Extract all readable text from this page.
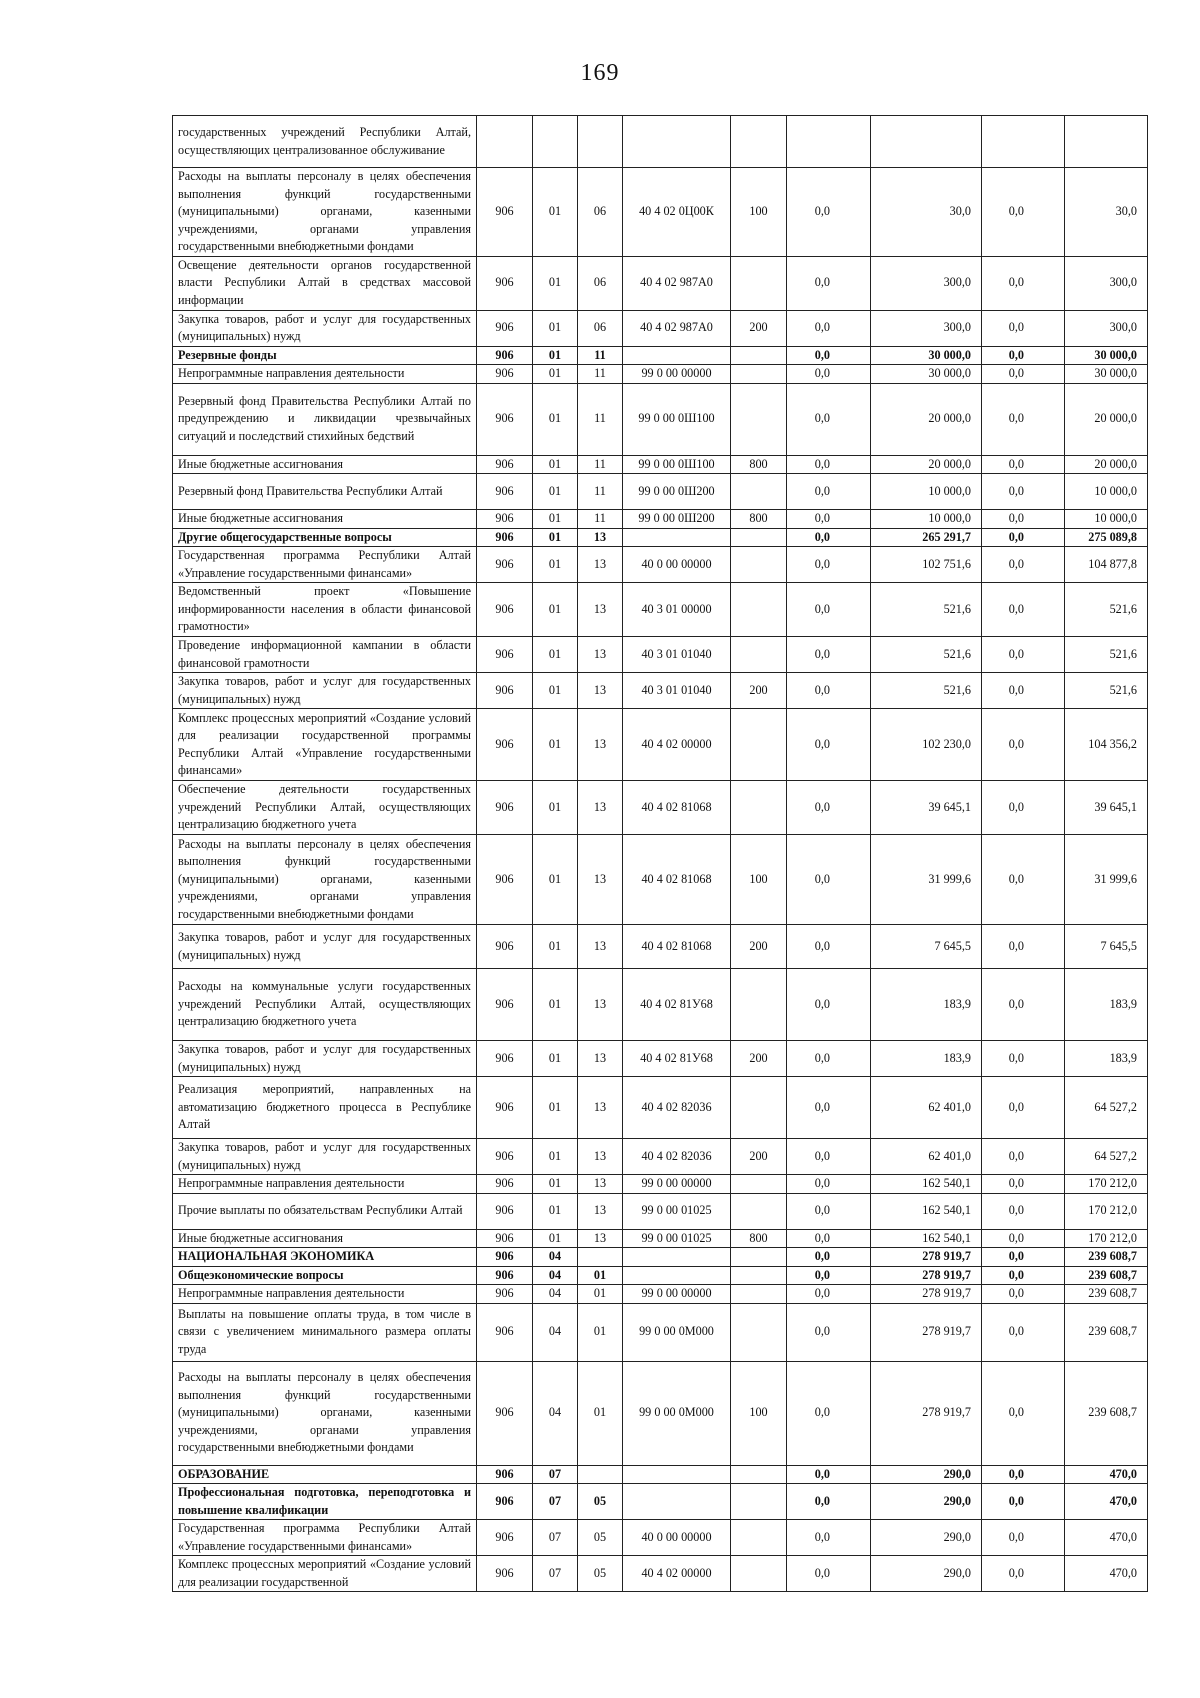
169
государственных учреждений Республики Алтай, осуществляющих централизованное обслуживание									
Расходы на выплаты персоналу в целях обеспечения выполнения функций государственными (муниципальными) органами, казенными учреждениями, органами управления государственными внебюджетными фондами	906	01	06	40 4 02 0Ц00К	100	0,0	30,0	0,0	30,0
Освещение деятельности органов государственной власти Республики Алтай в средствах массовой информации	906	01	06	40 4 02 987А0		0,0	300,0	0,0	300,0
Закупка товаров, работ и услуг для государственных (муниципальных) нужд	906	01	06	40 4 02 987А0	200	0,0	300,0	0,0	300,0
Резервные фонды	906	01	11			0,0	30 000,0	0,0	30 000,0
Непрограммные направления деятельности	906	01	11	99 0 00 00000		0,0	30 000,0	0,0	30 000,0
Резервный фонд Правительства Республики Алтай по предупреждению и ликвидации чрезвычайных ситуаций и последствий стихийных бедствий	906	01	11	99 0 00 0Ш100		0,0	20 000,0	0,0	20 000,0
Иные бюджетные ассигнования	906	01	11	99 0 00 0Ш100	800	0,0	20 000,0	0,0	20 000,0
Резервный фонд Правительства Республики Алтай	906	01	11	99 0 00 0Ш200		0,0	10 000,0	0,0	10 000,0
Иные бюджетные ассигнования	906	01	11	99 0 00 0Ш200	800	0,0	10 000,0	0,0	10 000,0
Другие общегосударственные вопросы	906	01	13			0,0	265 291,7	0,0	275 089,8
Государственная программа Республики Алтай «Управление государственными финансами»	906	01	13	40 0 00 00000		0,0	102 751,6	0,0	104 877,8
Ведомственный проект «Повышение информированности населения в области финансовой грамотности»	906	01	13	40 3 01 00000		0,0	521,6	0,0	521,6
Проведение информационной кампании в области финансовой грамотности	906	01	13	40 3 01 01040		0,0	521,6	0,0	521,6
Закупка товаров, работ и услуг для государственных (муниципальных) нужд	906	01	13	40 3 01 01040	200	0,0	521,6	0,0	521,6
Комплекс процессных мероприятий «Создание условий для реализации государственной программы Республики Алтай «Управление государственными финансами»	906	01	13	40 4 02 00000		0,0	102 230,0	0,0	104 356,2
Обеспечение деятельности государственных учреждений Республики Алтай, осуществляющих централизацию бюджетного учета	906	01	13	40 4 02 81068		0,0	39 645,1	0,0	39 645,1
Расходы на выплаты персоналу в целях обеспечения выполнения функций государственными (муниципальными) органами, казенными учреждениями, органами управления государственными внебюджетными фондами	906	01	13	40 4 02 81068	100	0,0	31 999,6	0,0	31 999,6
Закупка товаров, работ и услуг для государственных (муниципальных) нужд	906	01	13	40 4 02 81068	200	0,0	7 645,5	0,0	7 645,5
Расходы на коммунальные услуги государственных учреждений Республики Алтай, осуществляющих централизацию бюджетного учета	906	01	13	40 4 02 81У68		0,0	183,9	0,0	183,9
Закупка товаров, работ и услуг для государственных (муниципальных) нужд	906	01	13	40 4 02 81У68	200	0,0	183,9	0,0	183,9
Реализация мероприятий, направленных на автоматизацию бюджетного процесса в Республике Алтай	906	01	13	40 4 02 82036		0,0	62 401,0	0,0	64 527,2
Закупка товаров, работ и услуг для государственных (муниципальных) нужд	906	01	13	40 4 02 82036	200	0,0	62 401,0	0,0	64 527,2
Непрограммные направления деятельности	906	01	13	99 0 00 00000		0,0	162 540,1	0,0	170 212,0
Прочие выплаты по обязательствам Республики Алтай	906	01	13	99 0 00 01025		0,0	162 540,1	0,0	170 212,0
Иные бюджетные ассигнования	906	01	13	99 0 00 01025	800	0,0	162 540,1	0,0	170 212,0
НАЦИОНАЛЬНАЯ ЭКОНОМИКА	906	04				0,0	278 919,7	0,0	239 608,7
Общеэкономические вопросы	906	04	01			0,0	278 919,7	0,0	239 608,7
Непрограммные направления деятельности	906	04	01	99 0 00 00000		0,0	278 919,7	0,0	239 608,7
Выплаты на повышение оплаты труда, в том числе в связи с увеличением минимального размера оплаты труда	906	04	01	99 0 00 0М000		0,0	278 919,7	0,0	239 608,7
Расходы на выплаты персоналу в целях обеспечения выполнения функций государственными (муниципальными) органами, казенными учреждениями, органами управления государственными внебюджетными фондами	906	04	01	99 0 00 0М000	100	0,0	278 919,7	0,0	239 608,7
ОБРАЗОВАНИЕ	906	07				0,0	290,0	0,0	470,0
Профессиональная подготовка, переподготовка и повышение квалификации	906	07	05			0,0	290,0	0,0	470,0
Государственная программа Республики Алтай «Управление государственными финансами»	906	07	05	40 0 00 00000		0,0	290,0	0,0	470,0
Комплекс процессных мероприятий «Создание условий для реализации государственной	906	07	05	40 4 02 00000		0,0	290,0	0,0	470,0
